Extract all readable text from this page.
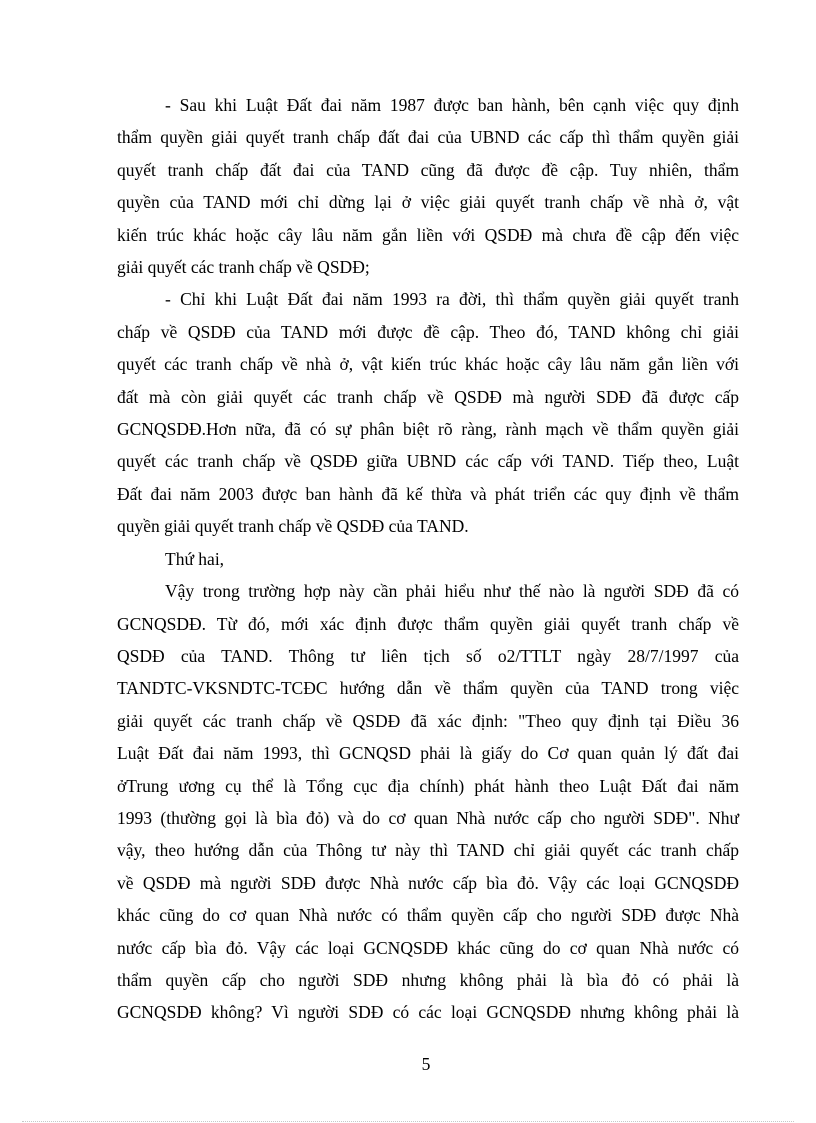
- Sau khi Luật Đất đai năm 1987 được ban hành, bên cạnh việc quy định
thẩm quyền giải quyết tranh chấp đất đai của UBND các cấp thì thẩm quyền giải
quyết tranh chấp đất đai của TAND cũng đã được đề cập. Tuy nhiên, thẩm
quyền của TAND mới chỉ dừng lại ở việc giải quyết tranh chấp về nhà ở, vật
kiến trúc khác hoặc cây lâu năm gắn liền với QSDĐ mà chưa đề cập đến việc
giải quyết các tranh chấp về QSDĐ;

- Chỉ khi Luật Đất đai năm 1993 ra đời, thì thẩm quyền giải quyết tranh
chấp về QSDĐ của TAND mới được đề cập. Theo đó, TAND không chỉ giải
quyết các tranh chấp về nhà ở, vật kiến trúc khác hoặc cây lâu năm gắn liền với
đất mà còn giải quyết các tranh chấp về QSDĐ mà người SDĐ đã được cấp
GCNQSDĐ.Hơn nữa, đã có sự phân biệt rõ ràng, rành mạch về thẩm quyền giải
quyết các tranh chấp về QSDĐ giữa UBND các cấp với TAND. Tiếp theo, Luật
Đất đai năm 2003 được ban hành đã kế thừa và phát triển các quy định về thẩm
quyền giải quyết tranh chấp về QSDĐ của TAND.

Thứ hai,

Vậy trong trường hợp này cần phải hiểu như thế nào là người SDĐ đã có
GCNQSDĐ. Từ đó, mới xác định được thẩm quyền giải quyết tranh chấp về
QSDĐ của TAND. Thông tư liên tịch số o2/TTLT ngày 28/7/1997 của
TANDTC-VKSNDTC-TCĐC hướng dẫn về thẩm quyền của TAND trong việc
giải quyết các tranh chấp về QSDĐ đã xác định: "Theo quy định tại Điều 36
Luật Đất đai năm 1993, thì GCNQSD phải là giấy do Cơ quan quản lý đất đai
ởTrung ương cụ thể là Tổng cục địa chính) phát hành theo Luật Đất đai năm
1993 (thường gọi là bìa đỏ) và do cơ quan Nhà nước cấp cho người SDĐ". Như
vậy, theo hướng dẫn của Thông tư này thì TAND chỉ giải quyết các tranh chấp
về QSDĐ mà người SDĐ được Nhà nước cấp bìa đỏ. Vậy các loại GCNQSDĐ
khác cũng do cơ quan Nhà nước có thẩm quyền cấp cho người SDĐ được Nhà
nước cấp bìa đỏ. Vậy các loại GCNQSDĐ khác cũng do cơ quan Nhà nước có
thẩm quyền cấp cho người SDĐ nhưng không phải là bìa đỏ có phải là
GCNQSDĐ không? Vì người SDĐ có các loại GCNQSDĐ nhưng không phải là

5
